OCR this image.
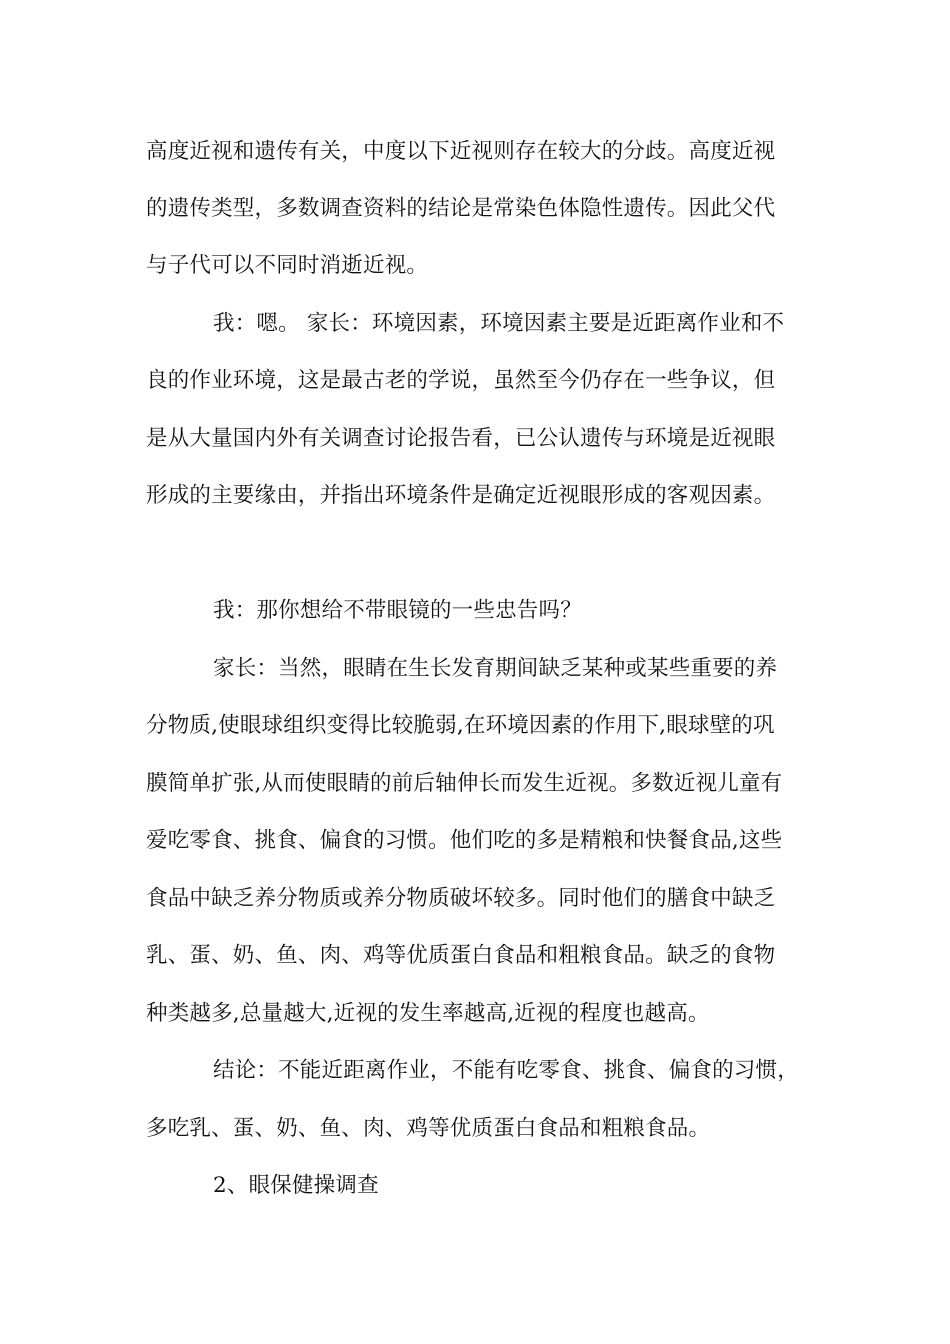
高度近视和遗传有关，中度以下近视则存在较大的分歧。高度近视
的遗传类型，多数调查资料的结论是常染色体隐性遗传。因此父代
与子代可以不同时消逝近视。
我：嗯。 家长：环境因素，环境因素主要是近距离作业和不
良的作业环境，这是最古老的学说，虽然至今仍存在一些争议，但
是从大量国内外有关调查讨论报告看，已公认遗传与环境是近视眼
形成的主要缘由，并指出环境条件是确定近视眼形成的客观因素。
我：那你想给不带眼镜的一些忠告吗？
家长：当然，眼睛在生长发育期间缺乏某种或某些重要的养
分物质,使眼球组织变得比较脆弱,在环境因素的作用下,眼球壁的巩
膜简单扩张,从而使眼睛的前后轴伸长而发生近视。多数近视儿童有
爱吃零食、挑食、偏食的习惯。他们吃的多是精粮和快餐食品,这些
食品中缺乏养分物质或养分物质破坏较多。同时他们的膳食中缺乏
乳、蛋、奶、鱼、肉、鸡等优质蛋白食品和粗粮食品。缺乏的食物
种类越多,总量越大,近视的发生率越高,近视的程度也越高。
结论：不能近距离作业，不能有吃零食、挑食、偏食的习惯，
多吃乳、蛋、奶、鱼、肉、鸡等优质蛋白食品和粗粮食品。
2、眼保健操调查
